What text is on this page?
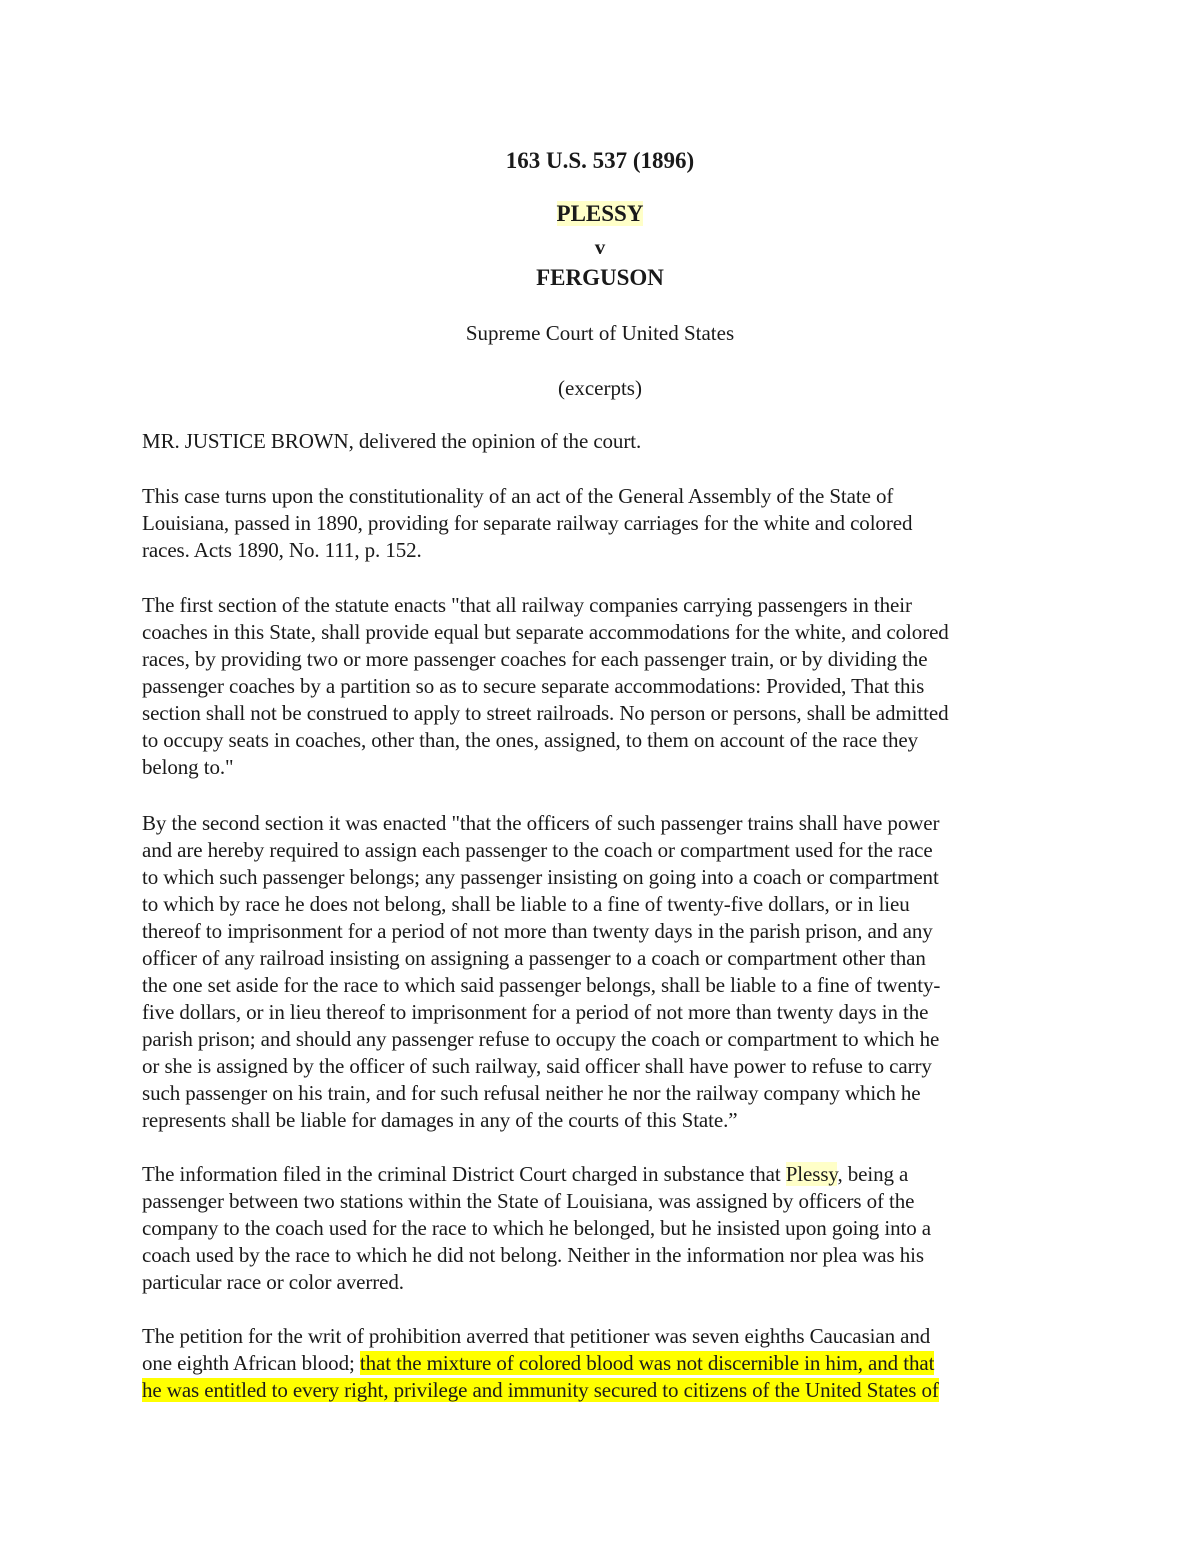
163 U.S. 537 (1896)
PLESSY
v
FERGUSON
Supreme Court of United States
(excerpts)
MR. JUSTICE BROWN, delivered the opinion of the court.
This case turns upon the constitutionality of an act of the General Assembly of the State of
Louisiana, passed in 1890, providing for separate railway carriages for the white and colored
races. Acts 1890, No. 111, p. 152.
The first section of the statute enacts "that all railway companies carrying passengers in their
coaches in this State, shall provide equal but separate accommodations for the white, and colored
races, by providing two or more passenger coaches for each passenger train, or by dividing the
passenger coaches by a partition so as to secure separate accommodations: Provided, That this
section shall not be construed to apply to street railroads. No person or persons, shall be admitted
to occupy seats in coaches, other than, the ones, assigned, to them on account of the race they
belong to."
By the second section it was enacted "that the officers of such passenger trains shall have power
and are hereby required to assign each passenger to the coach or compartment used for the race
to which such passenger belongs; any passenger insisting on going into a coach or compartment
to which by race he does not belong, shall be liable to a fine of twenty-five dollars, or in lieu
thereof to imprisonment for a period of not more than twenty days in the parish prison, and any
officer of any railroad insisting on assigning a passenger to a coach or compartment other than
the one set aside for the race to which said passenger belongs, shall be liable to a fine of twenty-
five dollars, or in lieu thereof to imprisonment for a period of not more than twenty days in the
parish prison; and should any passenger refuse to occupy the coach or compartment to which he
or she is assigned by the officer of such railway, said officer shall have power to refuse to carry
such passenger on his train, and for such refusal neither he nor the railway company which he
represents shall be liable for damages in any of the courts of this State.”
The information filed in the criminal District Court charged in substance that Plessy, being a
passenger between two stations within the State of Louisiana, was assigned by officers of the
company to the coach used for the race to which he belonged, but he insisted upon going into a
coach used by the race to which he did not belong. Neither in the information nor plea was his
particular race or color averred.
The petition for the writ of prohibition averred that petitioner was seven eighths Caucasian and
one eighth African blood; that the mixture of colored blood was not discernible in him, and that
he was entitled to every right, privilege and immunity secured to citizens of the United States of
